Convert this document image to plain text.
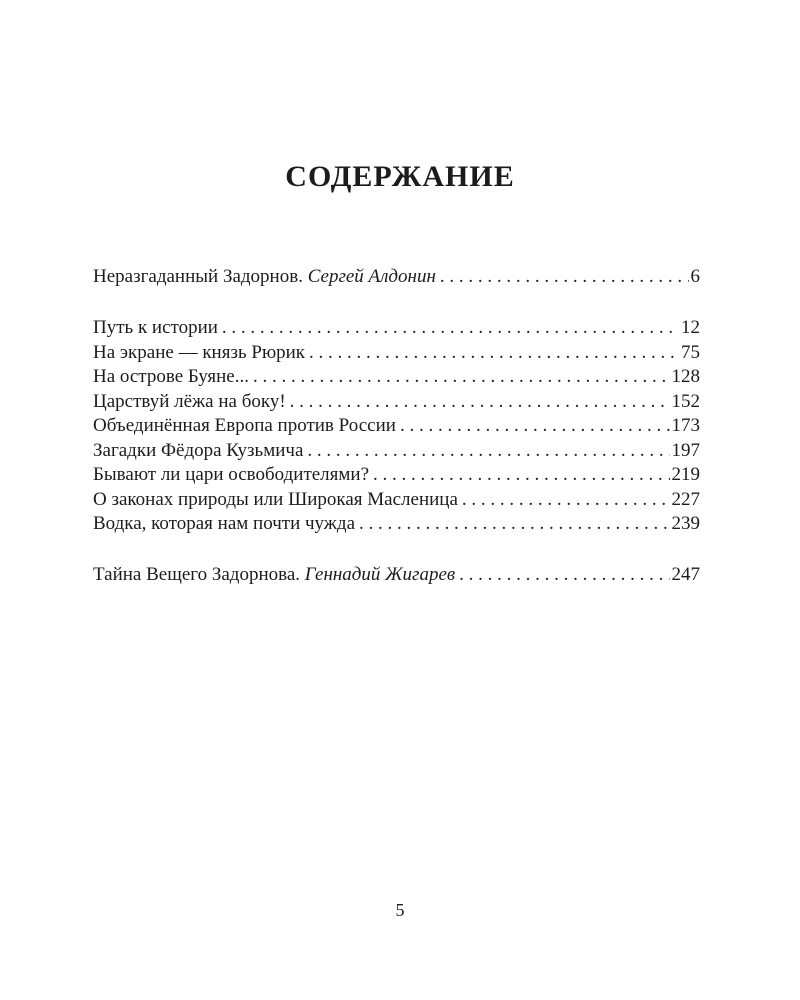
СОДЕРЖАНИЕ
Неразгаданный Задорнов. Сергей Алдонин . . .	6
Путь к истории . . .	12
На экране — князь Рюрик . . .	75
На острове Буяне... . . .	128
Царствуй лёжа на боку! . . .	152
Объединённая Европа против России . . .	173
Загадки Фёдора Кузьмича . . .	197
Бывают ли цари освободителями? . . .	219
О законах природы или Широкая Масленица . . .	227
Водка, которая нам почти чужда . . .	239
Тайна Вещего Задорнова. Геннадий Жигарев . . .	247
5
